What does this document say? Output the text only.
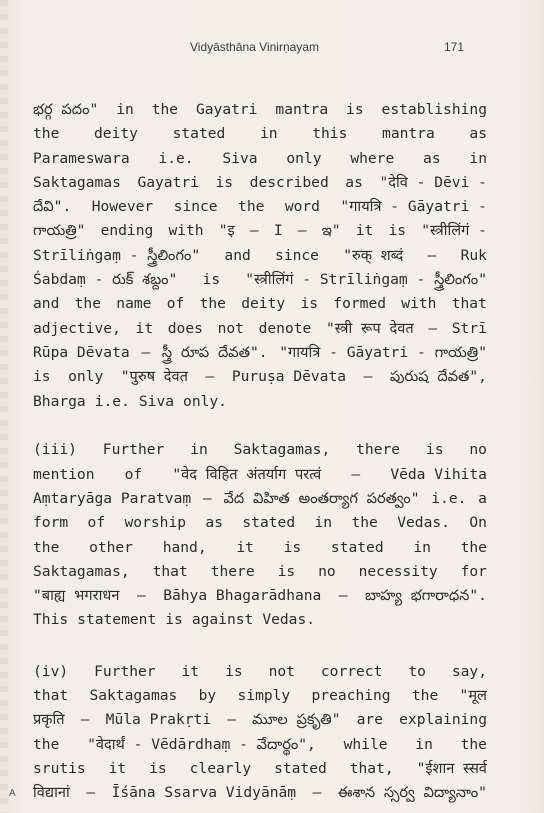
Vidyāsthāna Vinirṇayam	171
భర్గ పదం" in the Gayatri mantra is establishing
the deity stated in this mantra as
Parameswara i.e. Siva only where as in
Saktagamas Gayatri is described as "देवि - Dēvi -
దేవి". However since the word "गायत्रि - Gāyatri -
గాయత్రి" ending with "इ – I – ఇ" it is "स्त्रीलिंगं -
Strīliṅgaṃ - స్త్రీలింగం" and since "रुक् शब्दं – Ruk
Śabdaṃ - రుక్ శబ్దం" is "स्त्रीलिंगं - Strīliṅgaṃ - స్త్రీలింగం"
and the name of the deity is formed with that
adjective, it does not denote "स्त्री रूप देवत – Strī
Rūpa Dēvata – స్త్రీ రూప దేవత". "गायत्रि - Gāyatri - గాయత్రి"
is only "पुरुष देवत – Puruṣa Dēvata – పురుష దేవత",
Bharga i.e. Siva only.
(iii) Further in Saktagamas, there is no
mention of "वेद विहित अंतर्याग परत्वं – Vēda Vihita
Aṃtaryāga Paratvaṃ – వేద విహిత అంతర్యాగ పరత్వం" i.e. a
form of worship as stated in the Vedas. On
the other hand, it is stated in the
Saktagamas, that there is no necessity for
"बाह्य भगराधन – Bāhya Bhagarādhana – బాహ్య భగారాధన".
This statement is against Vedas.
(iv) Further it is not correct to say,
that Saktagamas by simply preaching the "मूल
प्रकृति – Mūla Prakṛti – మూల ప్రకృతి" are explaining
the "वेदार्थं - Vēdārdhaṃ - వేదార్థం", while in the
srutis it is clearly stated that, "ईशान स्सर्व
विद्यानां – Īśāna Ssarva Vidyānāṃ – ఈశాన స్సర్వ విద్యానాం"
A
